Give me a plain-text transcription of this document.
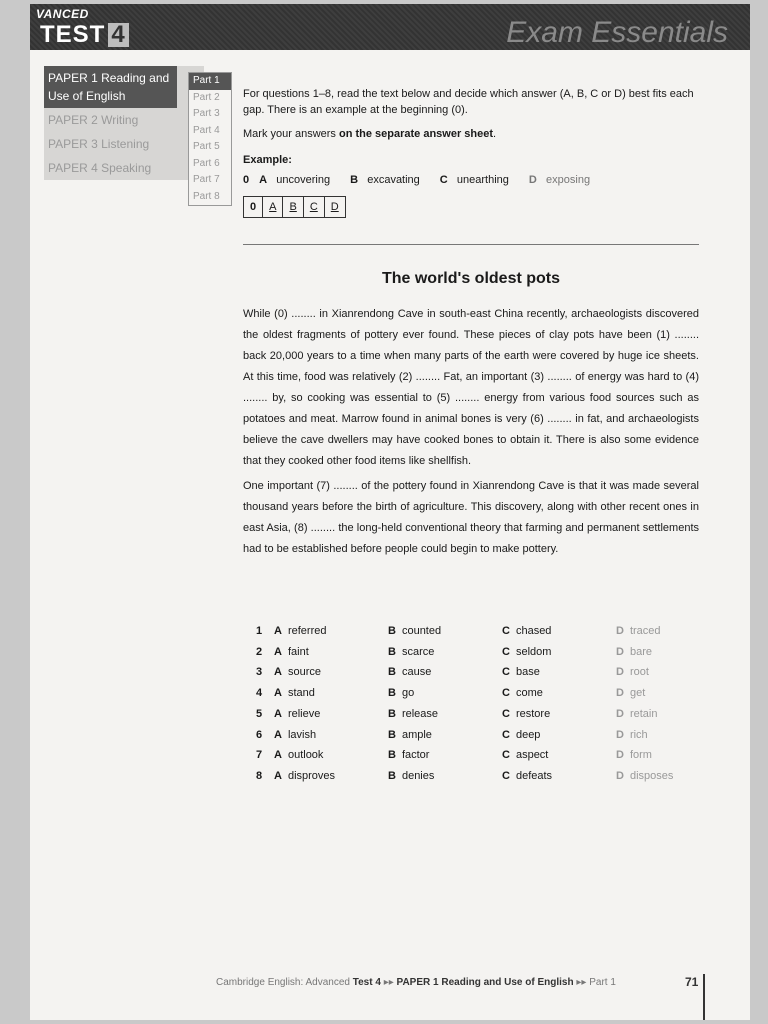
VANCED
TEST 4	Exam Essentials
PAPER 1 Reading and Use of English
PAPER 2 Writing
PAPER 3 Listening
PAPER 4 Speaking
Part 1
Part 2
Part 3
Part 4
Part 5
Part 6
Part 7
Part 8

For questions 1–8, read the text below and decide which answer (A, B, C or D) best fits each gap. There is an example at the beginning (0).

Mark your answers on the separate answer sheet.

Example:

0 A uncovering	B excavating	C unearthing	D exposing
0	A	B	C	D
The world's oldest pots

While (0) ........ in Xianrendong Cave in south-east China recently, archaeologists discovered the oldest fragments of pottery ever found. These pieces of clay pots have been (1) ........ back 20,000 years to a time when many parts of the earth were covered by huge ice sheets. At this time, food was relatively (2) ........ Fat, an important (3) ........ of energy was hard to (4) ........ by, so cooking was essential to (5) ........ energy from various food sources such as potatoes and meat. Marrow found in animal bones is very (6) ........ in fat, and archaeologists believe the cave dwellers may have cooked bones to obtain it. There is also some evidence that they cooked other food items like shellfish.

One important (7) ........ of the pottery found in Xianrendong Cave is that it was made several thousand years before the birth of agriculture. This discovery, along with other recent ones in east Asia, (8) ........ the long-held conventional theory that farming and permanent settlements had to be established before people could begin to make pottery.

1	A referred	B counted	C chased	D traced
2	A faint	B scarce	C seldom	D bare
3	A source	B cause	C base	D root
4	A stand	B go	C come	D get
5	A relieve	B release	C restore	D retain
6	A lavish	B ample	C deep	D rich
7	A outlook	B factor	C aspect	D form
8	A disproves	B denies	C defeats	D disposes
Cambridge English: Advanced Test 4 ▸▸ PAPER 1 Reading and Use of English ▸▸ Part 1	71
